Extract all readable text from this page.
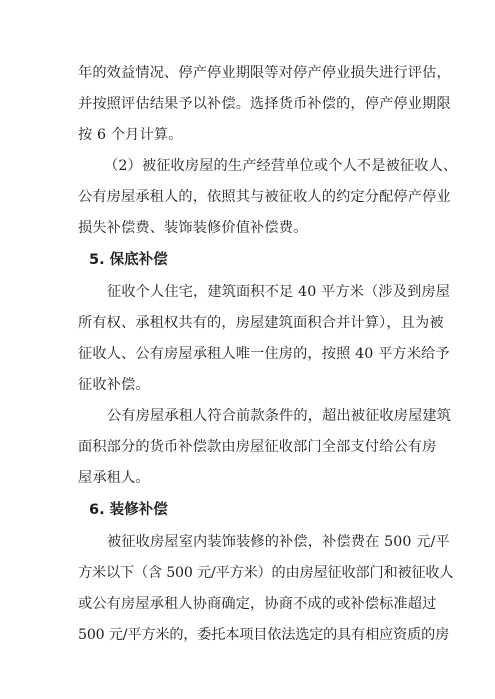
年的效益情况、停产停业期限等对停产停业损失进行评估，
并按照评估结果予以补偿。选择货币补偿的，停产停业期限
按 6 个月计算。
（2）被征收房屋的生产经营单位或个人不是被征收人、
公有房屋承租人的，依照其与被征收人的约定分配停产停业
损失补偿费、装饰装修价值补偿费。
5. 保底补偿
征收个人住宅，建筑面积不足 40 平方米（涉及到房屋
所有权、承租权共有的，房屋建筑面积合并计算），且为被
征收人、公有房屋承租人唯一住房的，按照 40 平方米给予
征收补偿。
公有房屋承租人符合前款条件的，超出被征收房屋建筑
面积部分的货币补偿款由房屋征收部门全部支付给公有房
屋承租人。
6. 装修补偿
被征收房屋室内装饰装修的补偿，补偿费在 500 元/平
方米以下（含 500 元/平方米）的由房屋征收部门和被征收人
或公有房屋承租人协商确定，协商不成的或补偿标准超过
500 元/平方米的，委托本项目依法选定的具有相应资质的房
